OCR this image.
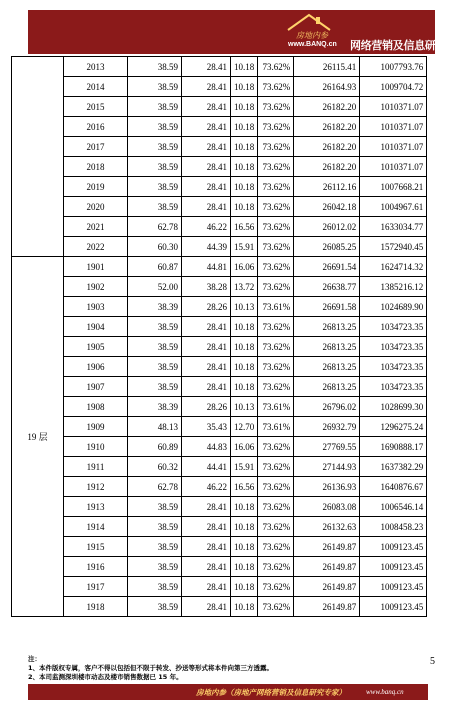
房地内参
www.BANQ.cn 网络营销及信息研究专家
	2013	38.59	28.41	10.18	73.62%	26115.41	1007793.76
	2014	38.59	28.41	10.18	73.62%	26164.93	1009704.72
	2015	38.59	28.41	10.18	73.62%	26182.20	1010371.07
	2016	38.59	28.41	10.18	73.62%	26182.20	1010371.07
	2017	38.59	28.41	10.18	73.62%	26182.20	1010371.07
	2018	38.59	28.41	10.18	73.62%	26182.20	1010371.07
	2019	38.59	28.41	10.18	73.62%	26112.16	1007668.21
	2020	38.59	28.41	10.18	73.62%	26042.18	1004967.61
	2021	62.78	46.22	16.56	73.62%	26012.02	1633034.77
	2022	60.30	44.39	15.91	73.62%	26085.25	1572940.45
19 层	1901	60.87	44.81	16.06	73.62%	26691.54	1624714.32
	1902	52.00	38.28	13.72	73.62%	26638.77	1385216.12
	1903	38.39	28.26	10.13	73.61%	26691.58	1024689.90
	1904	38.59	28.41	10.18	73.62%	26813.25	1034723.35
	1905	38.59	28.41	10.18	73.62%	26813.25	1034723.35
	1906	38.59	28.41	10.18	73.62%	26813.25	1034723.35
	1907	38.59	28.41	10.18	73.62%	26813.25	1034723.35
	1908	38.39	28.26	10.13	73.61%	26796.02	1028699.30
	1909	48.13	35.43	12.70	73.61%	26932.79	1296275.24
	1910	60.89	44.83	16.06	73.62%	27769.55	1690888.17
	1911	60.32	44.41	15.91	73.62%	27144.93	1637382.29
	1912	62.78	46.22	16.56	73.62%	26136.93	1640876.67
	1913	38.59	28.41	10.18	73.62%	26083.08	1006546.14
	1914	38.59	28.41	10.18	73.62%	26132.63	1008458.23
	1915	38.59	28.41	10.18	73.62%	26149.87	1009123.45
	1916	38.59	28.41	10.18	73.62%	26149.87	1009123.45
	1917	38.59	28.41	10.18	73.62%	26149.87	1009123.45
	1918	38.59	28.41	10.18	73.62%	26149.87	1009123.45
注：
1、本件版权专属，客户不得以包括但不限于转发、抄送等形式将本件向第三方透露。
2、本司监测深圳楼市动态及楼市销售数据已 15 年。
5
房地内参（房地产网络营销及信息研究专家）	www.banq.cn
